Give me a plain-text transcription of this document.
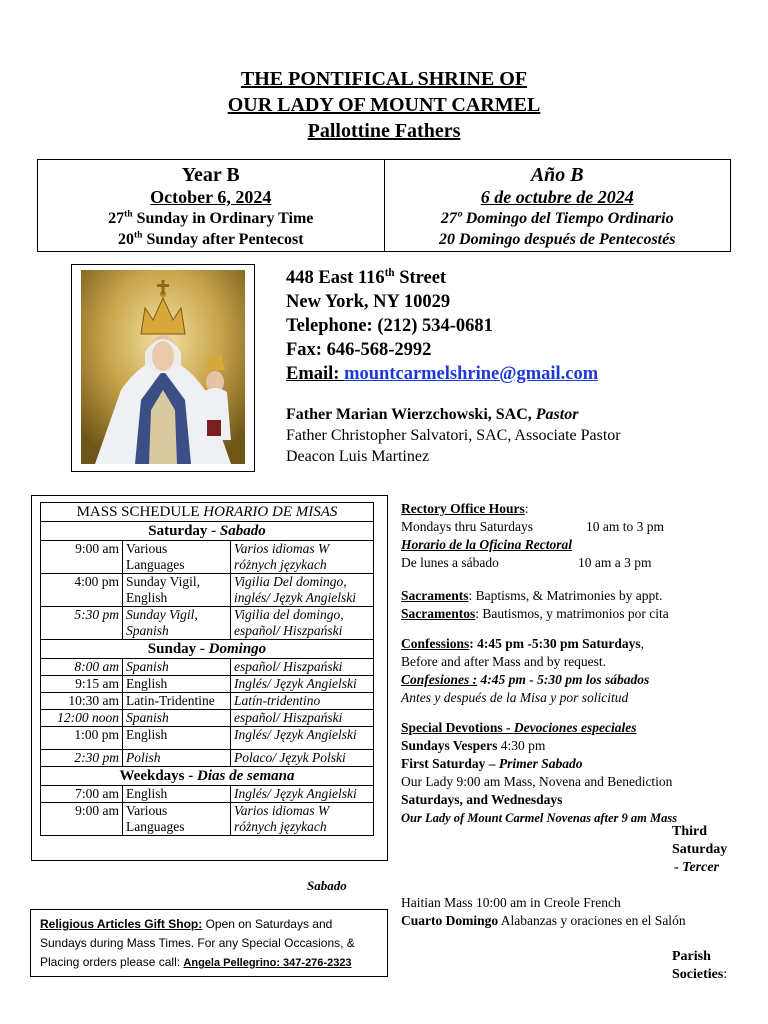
THE PONTIFICAL SHRINE OF
OUR LADY OF MOUNT CARMEL
Pallottine Fathers
Year B
October 6, 2024
27th Sunday in Ordinary Time
20th Sunday after Pentecost
Año B
6 de octubre de 2024
27º Domingo del Tiempo Ordinario
20 Domingo después de Pentecostés
448 East 116th Street
New York, NY 10029
Telephone: (212) 534-0681
Fax: 646-568-2992
Email: mountcarmelshrine@gmail.com
Father Marian Wierzchowski, SAC, Pastor
Father Christopher Salvatori, SAC, Associate Pastor
Deacon Luis Martinez
MASS SCHEDULE HORARIO DE MISAS		
Saturday - Sabado		
9:00 am	Various Languages	Varios idiomas W różnych językach
4:00 pm	Sunday Vigil, English	Vigilia Del domingo, inglés/ Język Angielski
5:30 pm	Sunday Vigil, Spanish	Vigilia del domingo, español/ Hiszpański
Sunday - Domingo		
8:00 am	Spanish	español/ Hiszpański
9:15 am	English	Inglés/ Język Angielski
10:30 am	Latin-Tridentine	Latín-tridentino
12:00 noon	Spanish	español/ Hiszpański
1:00 pm	English	Inglés/ Język Angielski
2:30 pm	Polish	Polaco/ Język Polski
Weekdays - Dias de semana		
7:00 am	English	Inglés/ Język Angielski
9:00 am	Various Languages	Varios idiomas W różnych językach
Sabado
Religious Articles Gift Shop: Open on Saturdays and Sundays during Mass Times. For any Special Occasions, & Placing orders please call: Angela Pellegrino: 347-276-2323

Rectory Office Hours:

Mondays thru Saturdays	10 am to 3 pm

Horario de la Oficina Rectoral

De lunes a sábado	10 am a 3 pm

Sacraments: Baptisms, & Matrimonies by appt.

Sacramentos: Bautismos, y matrimonios por cita

Confessions: 4:45 pm -5:30 pm Saturdays,

Before and after Mass and by request.

Confesiones : 4:45 pm - 5:30 pm los sábados

Antes y después de la Misa y por solicitud

Special Devotions - Devociones especiales

Sundays Vespers 4:30 pm

First Saturday – Primer Sabado

Our Lady 9:00 am Mass, Novena and Benediction

Saturdays, and Wednesdays

Our Lady of Mount Carmel Novenas after 9 am Mass

Third
Saturday
- Tercer
Haitian Mass 10:00 am in Creole French
Cuarto Domingo Alabanzas y oraciones en el Salón
Parish
Societies:
